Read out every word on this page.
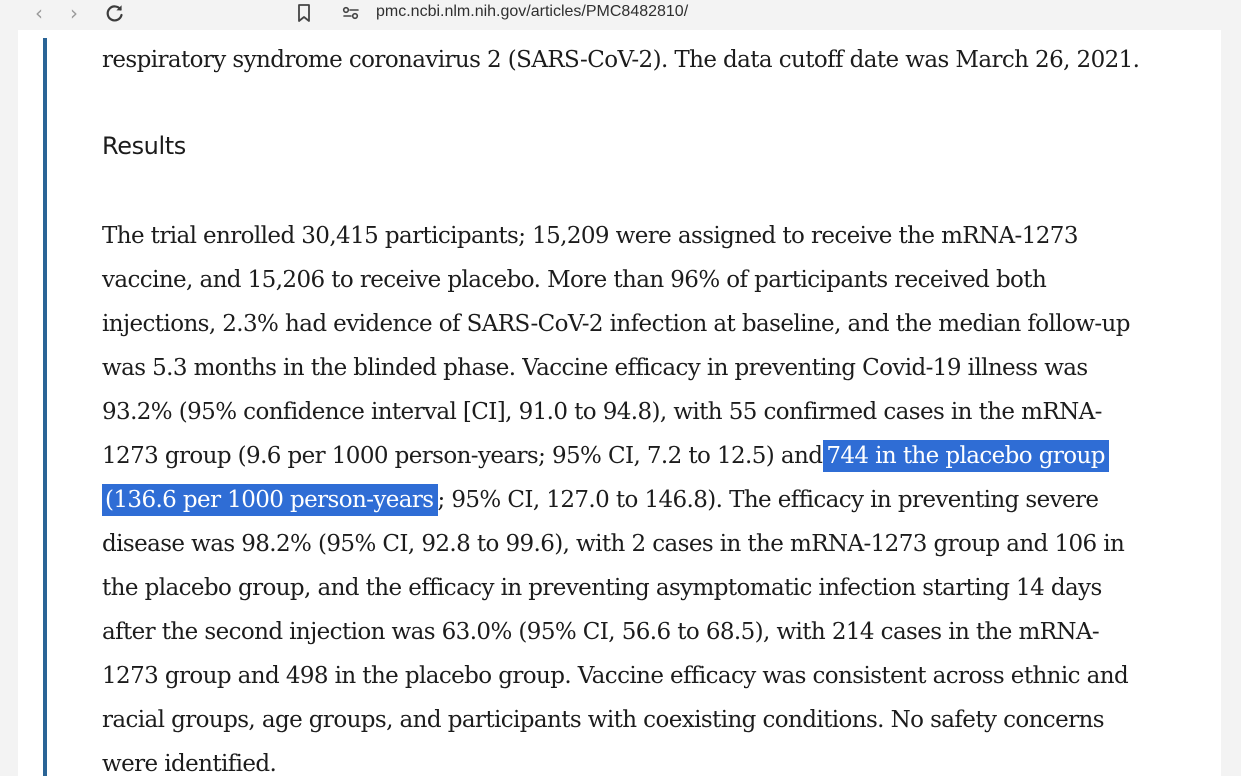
‹ ›	pmc.ncbi.nlm.nih.gov/articles/PMC8482810/

respiratory syndrome coronavirus 2 (SARS-CoV-2). The data cutoff date was March 26, 2021.

Results

The trial enrolled 30,415 participants; 15,209 were assigned to receive the mRNA-1273
vaccine, and 15,206 to receive placebo. More than 96% of participants received both
injections, 2.3% had evidence of SARS-CoV-2 infection at baseline, and the median follow-up
was 5.3 months in the blinded phase. Vaccine efficacy in preventing Covid-19 illness was
93.2% (95% confidence interval [CI], 91.0 to 94.8), with 55 confirmed cases in the mRNA-
1273 group (9.6 per 1000 person-years; 95% CI, 7.2 to 12.5) and 744 in the placebo group
(136.6 per 1000 person-years ; 95% CI, 127.0 to 146.8). The efficacy in preventing severe
disease was 98.2% (95% CI, 92.8 to 99.6), with 2 cases in the mRNA-1273 group and 106 in
the placebo group, and the efficacy in preventing asymptomatic infection starting 14 days
after the second injection was 63.0% (95% CI, 56.6 to 68.5), with 214 cases in the mRNA-
1273 group and 498 in the placebo group. Vaccine efficacy was consistent across ethnic and
racial groups, age groups, and participants with coexisting conditions. No safety concerns
were identified.
